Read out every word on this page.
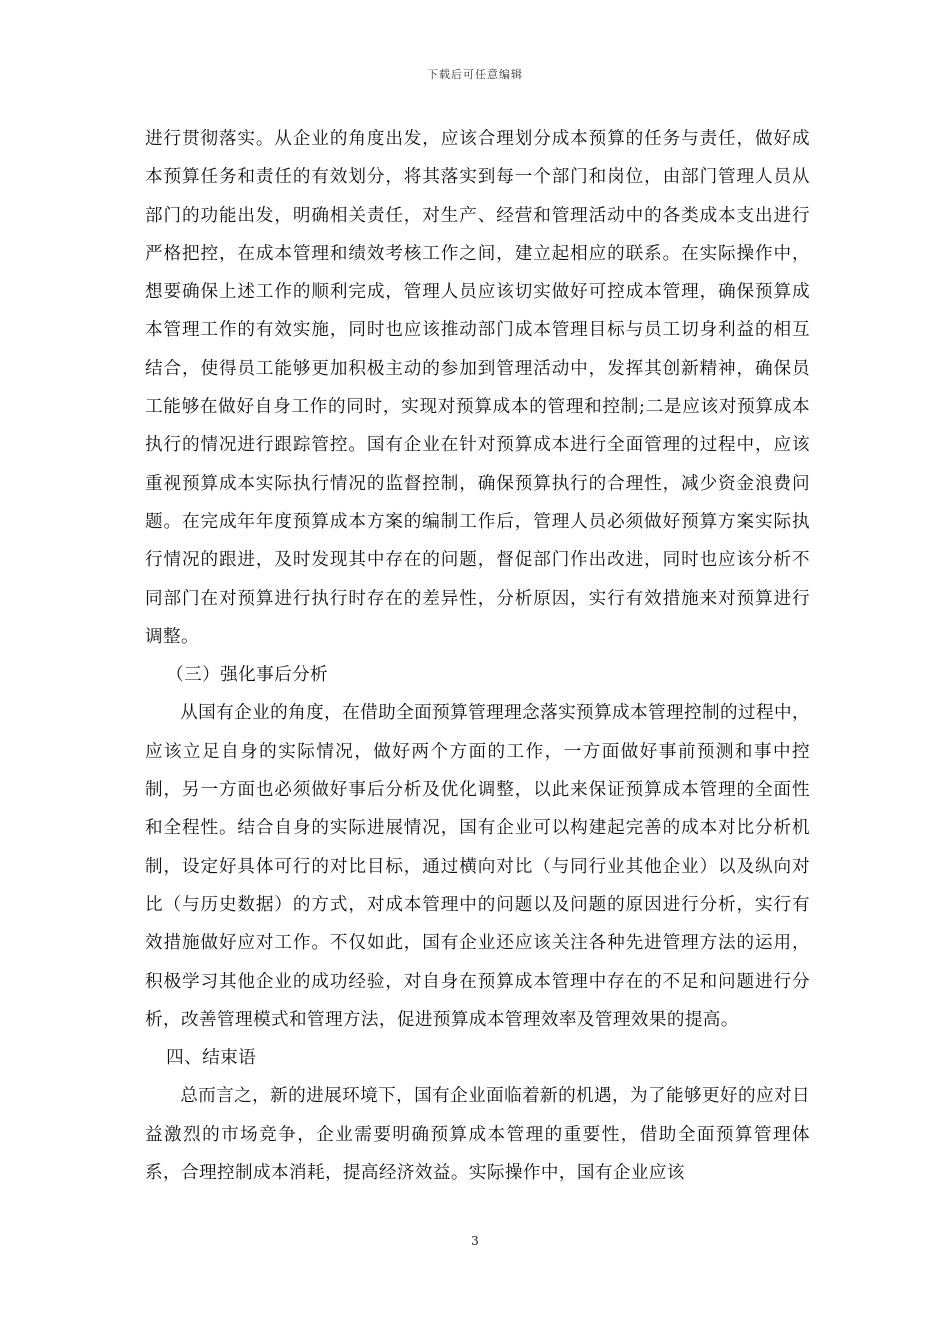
下载后可任意编辑

进行贯彻落实。从企业的角度出发，应该合理划分成本预算的任务与责任，做好成本预算任务和责任的有效划分，将其落实到每一个部门和岗位，由部门管理人员从部门的功能出发，明确相关责任，对生产、经营和管理活动中的各类成本支出进行严格把控，在成本管理和绩效考核工作之间，建立起相应的联系。在实际操作中，想要确保上述工作的顺利完成，管理人员应该切实做好可控成本管理，确保预算成本管理工作的有效实施，同时也应该推动部门成本管理目标与员工切身利益的相互结合，使得员工能够更加积极主动的参加到管理活动中，发挥其创新精神，确保员工能够在做好自身工作的同时，实现对预算成本的管理和控制;二是应该对预算成本执行的情况进行跟踪管控。国有企业在针对预算成本进行全面管理的过程中，应该重视预算成本实际执行情况的监督控制，确保预算执行的合理性，减少资金浪费问题。在完成年年度预算成本方案的编制工作后，管理人员必须做好预算方案实际执行情况的跟进，及时发现其中存在的问题，督促部门作出改进，同时也应该分析不同部门在对预算进行执行时存在的差异性，分析原因，实行有效措施来对预算进行调整。

（三）强化事后分析

从国有企业的角度，在借助全面预算管理理念落实预算成本管理控制的过程中，应该立足自身的实际情况，做好两个方面的工作，一方面做好事前预测和事中控制，另一方面也必须做好事后分析及优化调整，以此来保证预算成本管理的全面性和全程性。结合自身的实际进展情况，国有企业可以构建起完善的成本对比分析机制，设定好具体可行的对比目标，通过横向对比（与同行业其他企业）以及纵向对比（与历史数据）的方式，对成本管理中的问题以及问题的原因进行分析，实行有效措施做好应对工作。不仅如此，国有企业还应该关注各种先进管理方法的运用，积极学习其他企业的成功经验，对自身在预算成本管理中存在的不足和问题进行分析，改善管理模式和管理方法，促进预算成本管理效率及管理效果的提高。

四、结束语

总而言之，新的进展环境下，国有企业面临着新的机遇，为了能够更好的应对日益激烈的市场竞争，企业需要明确预算成本管理的重要性，借助全面预算管理体系，合理控制成本消耗，提高经济效益。实际操作中，国有企业应该

3
